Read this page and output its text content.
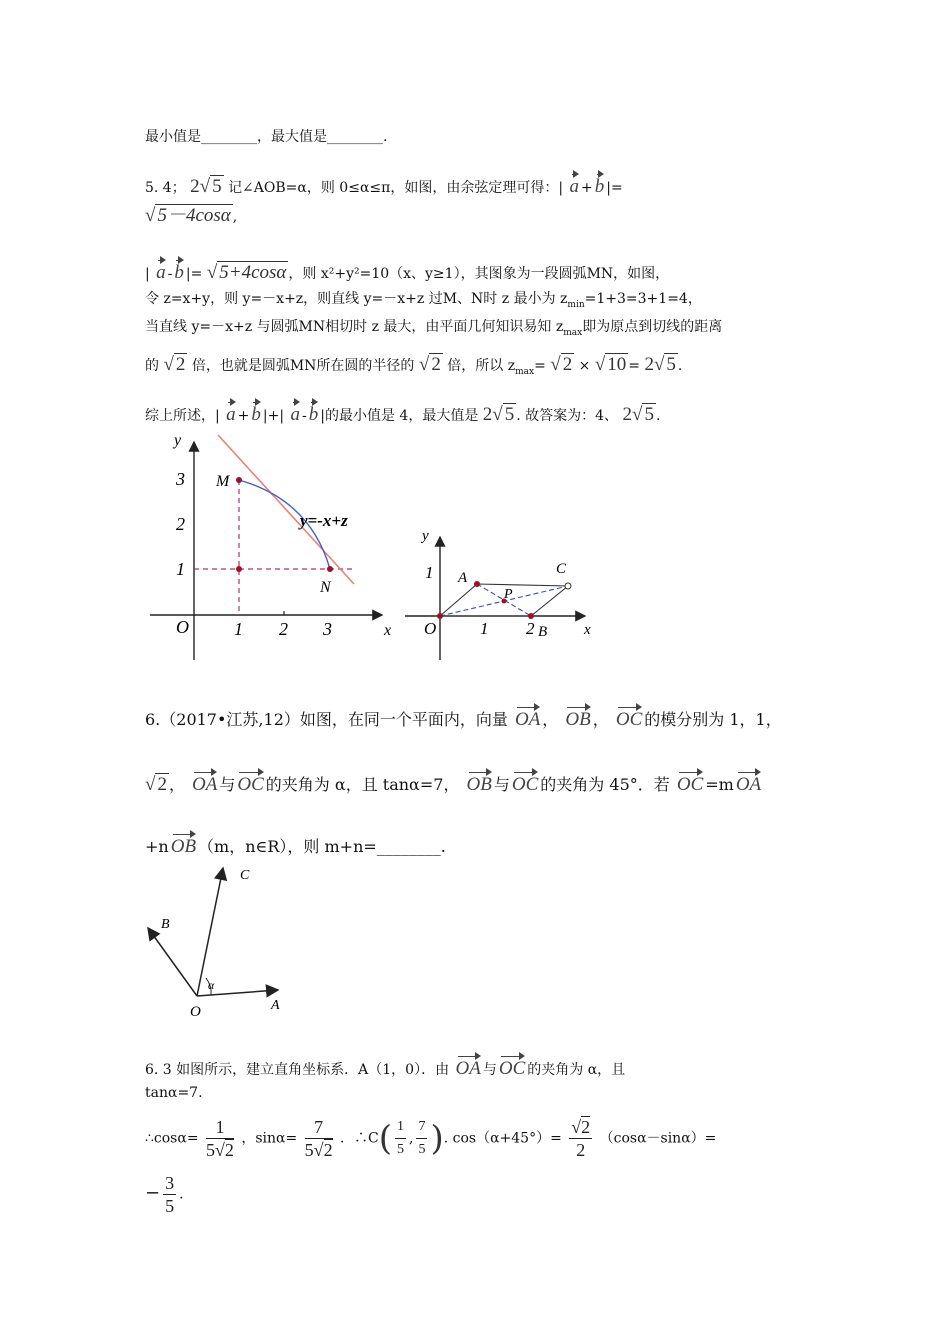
最小值是________，最大值是________.
5. 4； 2√ 5 记∠AOB=α，则 0≤α≤π，如图，由余弦定理可得：| a + b |=
√ 5－4cosα ,
| a - b |= √ 5+4cosα ，则 x²+y²=10（x、y≥1），其图象为一段圆弧MN，如图，
令 z=x+y，则 y=－x+z，则直线 y=－x+z 过M、N时 z 最小为 $z_{min}=1+3=3+1=4$，
当直线 y=－x+z 与圆弧MN相切时 z 最大，由平面几何知识易知 $z_{max}$即为原点到切线的距离
的 √ 2 倍，也就是圆弧MN所在圆的半径的 √ 2 倍，所以 $z_{max}=$ √ 2 × √ 10 = 2√ 5 .
综上所述，| a + b |+| a - b |的最小值是 4，最大值是 2√ 5 . 故答案为：4、 2√ 5 .
y
x
O	1 2 3
1
2
3 M
N
y=-x+z
y
x
O	1 2
1 A
B
C
P
6.（2017•江苏,12）如图，在同一个平面内，向量 OA ， OB ， OC 的模分别为 1，1，
√ 2 ， OA 与 OC 的夹角为 α，且 tanα=7， OB 与 OC 的夹角为 45°．若 OC =m OA
+n OB （m，n∈R），则 m+n=________.
O	A
B
C
α
6. 3 如图所示，建立直角坐标系．A（1，0）．由 OA 与 OC 的夹角为 α，且
tanα=7.
∴cosα= $\frac{1}{5√2}$ ，$\sin\alpha= \frac{7}{5√2}$ ．∴C( $\frac{1}{5}$ , $\frac{7}{5}$ ). $\cos(\alpha+45^\circ)= \frac{√2}{2} (\cos\alpha-\sin\alpha)=$
− $\frac{3}{5}$ .
